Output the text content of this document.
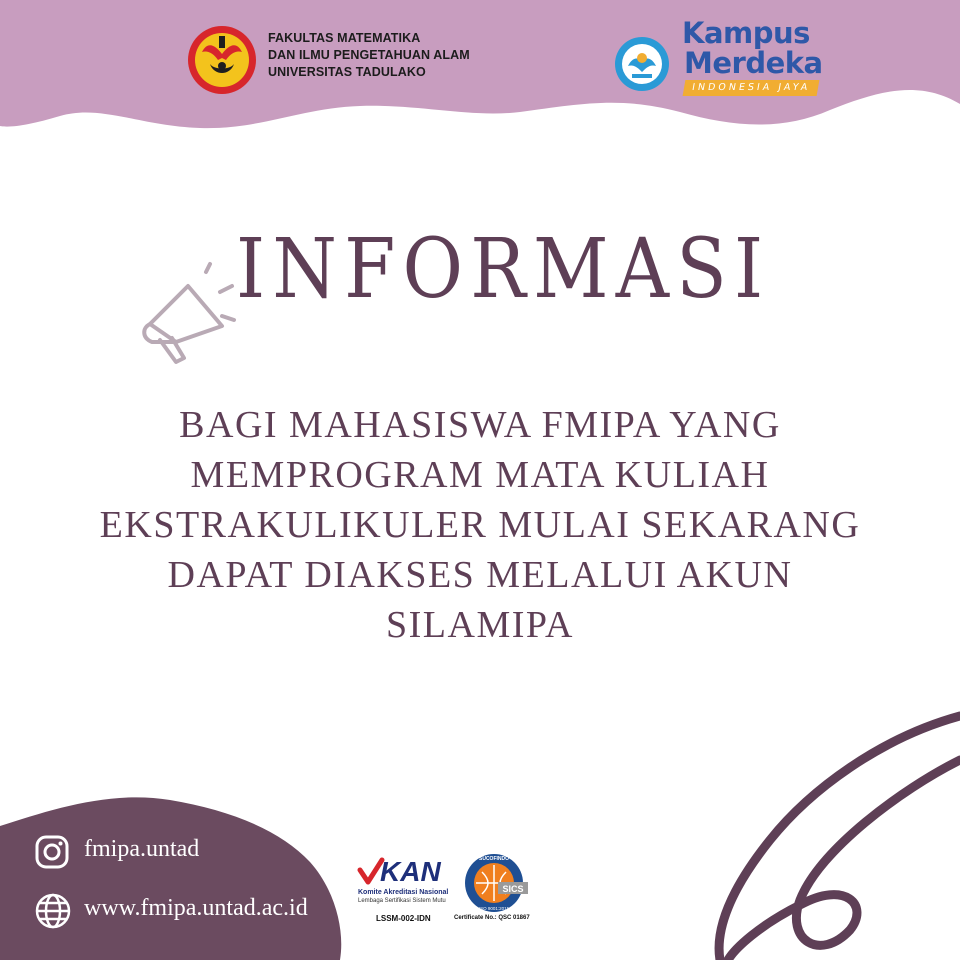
FAKULTAS MATEMATIKA
DAN ILMU PENGETAHUAN ALAM
UNIVERSITAS TADULAKO
Kampus
Merdeka
INDONESIA JAYA
INFORMASI
BAGI MAHASISWA FMIPA YANG
MEMPROGRAM MATA KULIAH
EKSTRAKULIKULER MULAI SEKARANG
DAPAT DIAKSES MELALUI AKUN
SILAMIPA
fmipa.untad
www.fmipa.untad.ac.id
KAN
Komite Akreditasi Nasional
Lembaga Sertifikasi Sistem Mutu
LSSM-002-IDN
SUCOFINDO
SICS
ISO 9001:2015
Certificate No.: QSC 01867
